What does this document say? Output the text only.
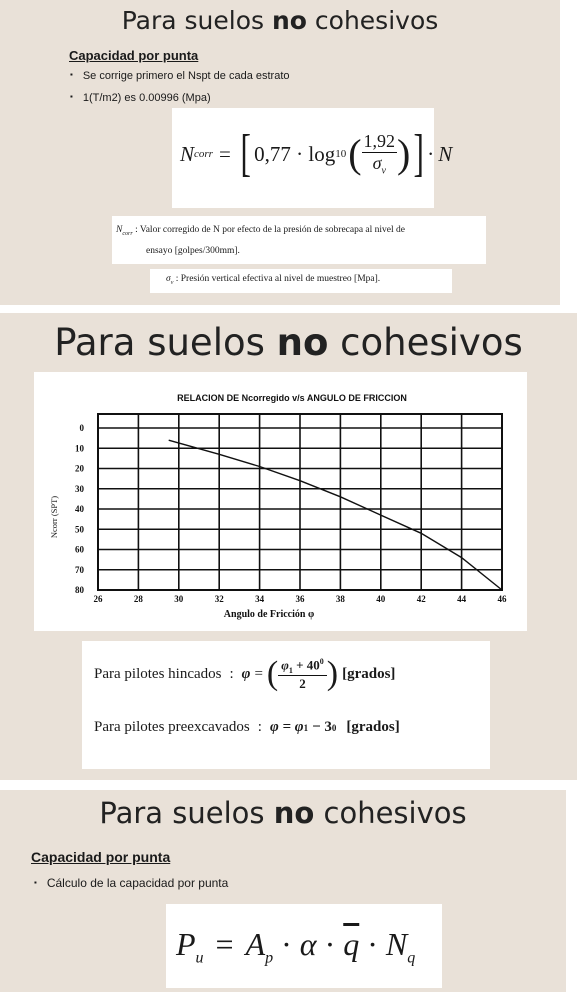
Para suelos no cohesivos
Capacidad por punta
▪ Se corrige primero el Nspt de cada estrato
▪ 1(T/m2) es 0.00996 (Mpa)
N corr = [ 0,77 · log 10 ( $\frac{1,92}{\sigma_v}$ ) ] · N
$N_{corr}$ : Valor corregido de N por efecto de la presión de sobrecapa al nivel de
ensayo [golpes/300mm].
$\sigma_v$ : Presión vertical efectiva al nivel de muestreo [Mpa].
Para suelos no cohesivos
RELACION DE Ncorregido v/s ANGULO DE FRICCION
Ncorr (SPT)
Angulo de Fricción φ
26	28	30	32	34	36	38	40	42	44	46
0
10
20
30
40
50
60
70
80
Para pilotes hincados : φ = ( $\frac{\varphi_1 + 40^0}{2}$ ) [grados]
Para pilotes preexcavados : φ = φ 1 − 3 0 [grados]
Para suelos no cohesivos
Capacidad por punta
▪ Cálculo de la capacidad por punta
$P_u = A_p \cdot \alpha \cdot \overline{q} \cdot N_q$
